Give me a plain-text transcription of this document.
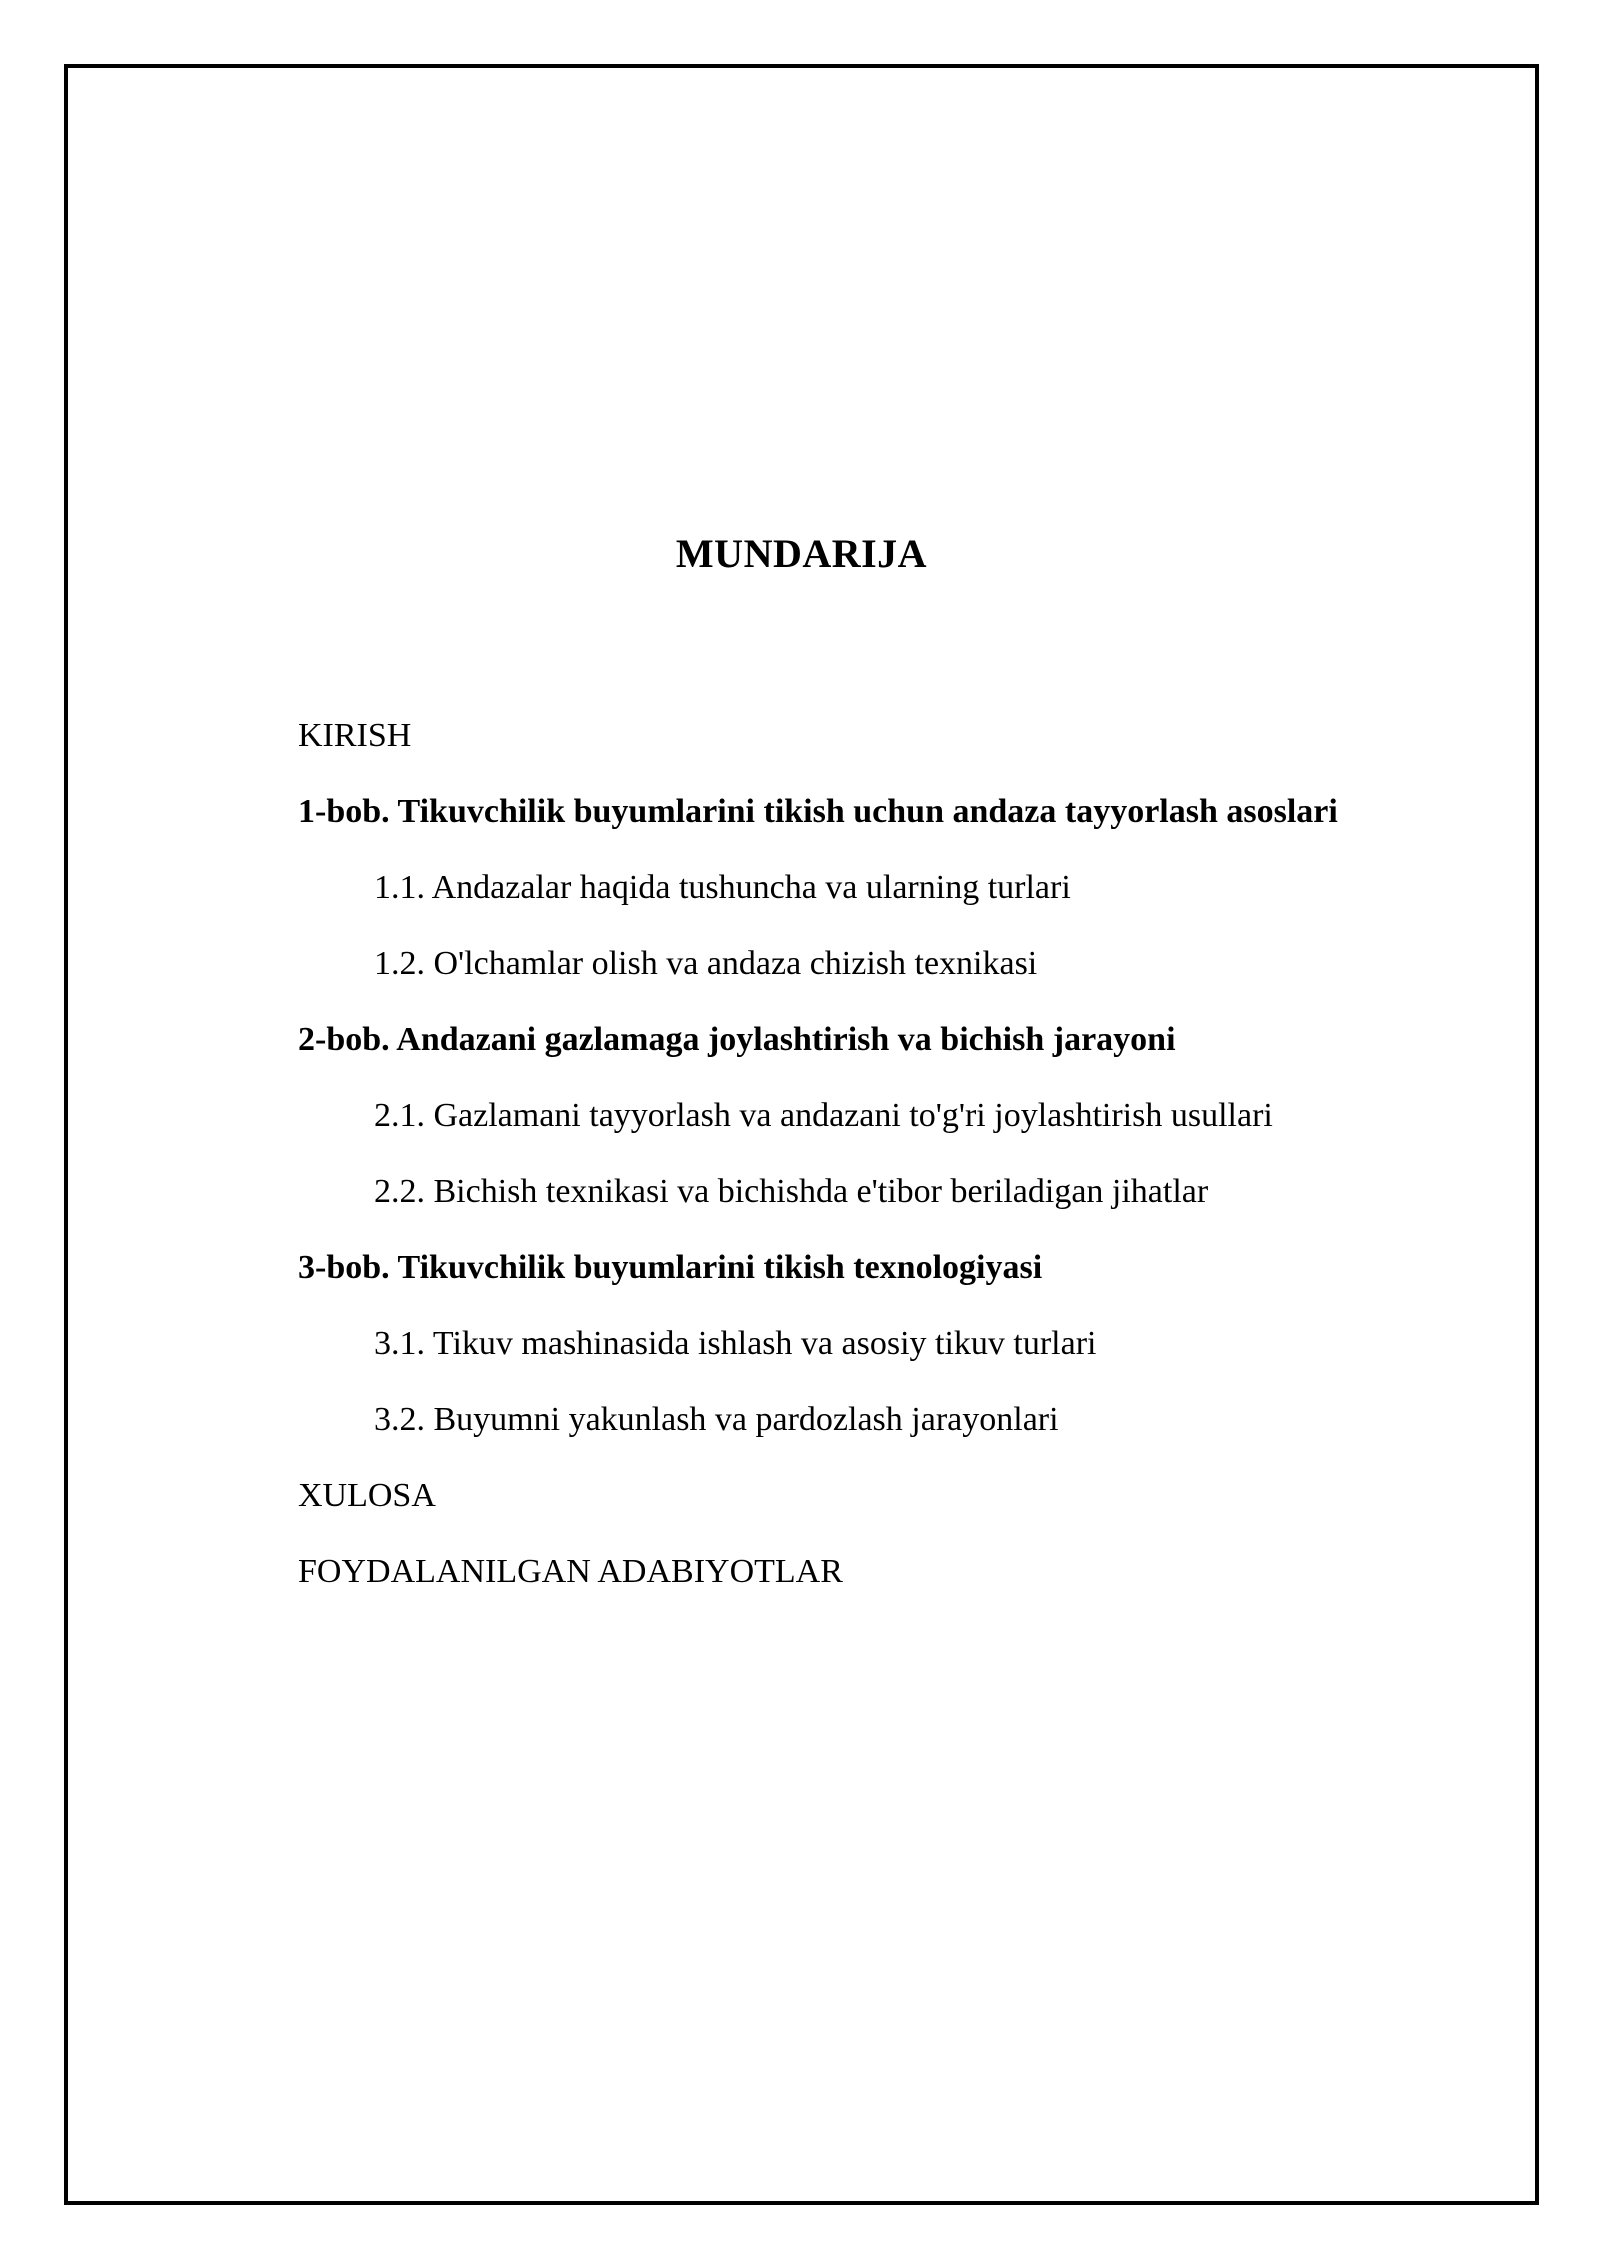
MUNDARIJA
KIRISH
1-bob. Tikuvchilik buyumlarini tikish uchun andaza tayyorlash asoslari
1.1. Andazalar haqida tushuncha va ularning turlari
1.2. O'lchamlar olish va andaza chizish texnikasi
2-bob. Andazani gazlamaga joylashtirish va bichish jarayoni
2.1. Gazlamani tayyorlash va andazani to'g'ri joylashtirish usullari
2.2. Bichish texnikasi va bichishda e'tibor beriladigan jihatlar
3-bob. Tikuvchilik buyumlarini tikish texnologiyasi
3.1. Tikuv mashinasida ishlash va asosiy tikuv turlari
3.2. Buyumni yakunlash va pardozlash jarayonlari
XULOSA
FOYDALANILGAN ADABIYOTLAR
